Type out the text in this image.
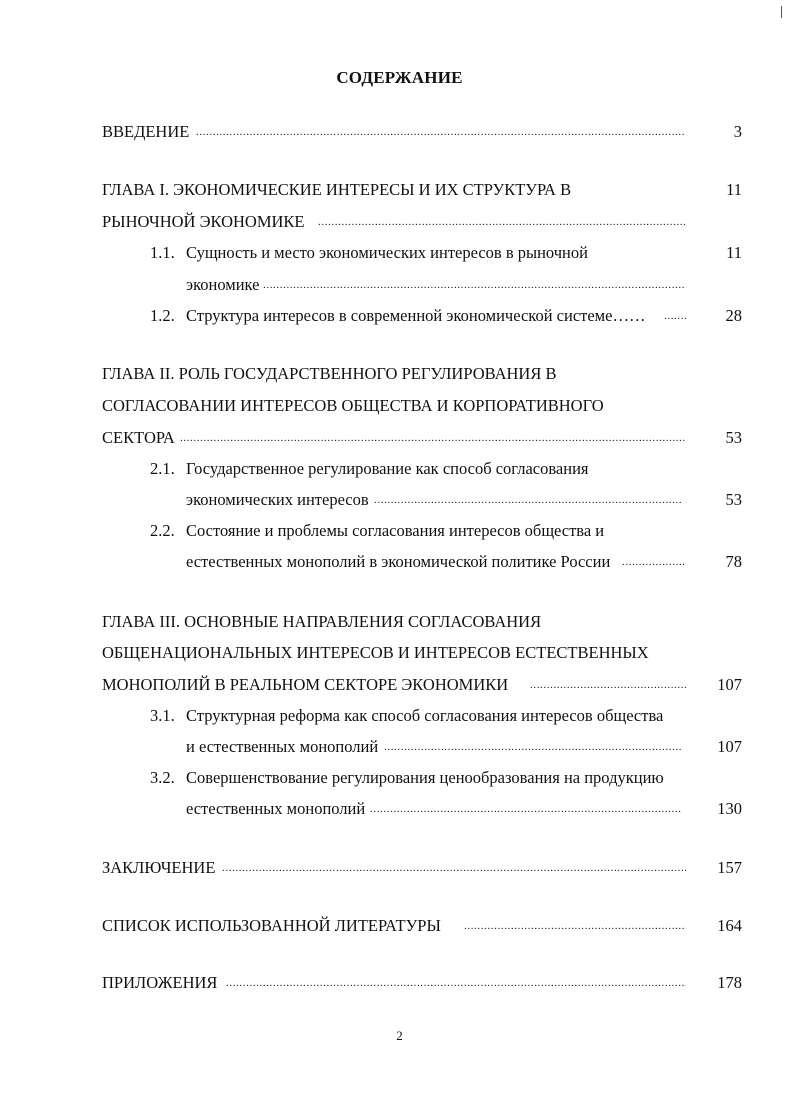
СОДЕРЖАНИЕ
ВВЕДЕНИЕ .....	3
ГЛАВА I. ЭКОНОМИЧЕСКИЕ ИНТЕРЕСЫ И ИХ СТРУКТУРА В	11
РЫНОЧНОЙ ЭКОНОМИКЕ
.....
1.1. Сущность и место экономических интересов в рыночной	11
экономике
.....
1.2. Структура интересов в современной экономической системе…… .....	28
ГЛАВА II. РОЛЬ ГОСУДАРСТВЕННОГО РЕГУЛИРОВАНИЯ В
СОГЛАСОВАНИИ ИНТЕРЕСОВ ОБЩЕСТВА И КОРПОРАТИВНОГО
СЕКТОРА .....	53
2.1. Государственное регулирование как способ согласования
экономических интересов .....	53
2.2. Состояние и проблемы согласования интересов общества и
естественных монополий в экономической политике России .....	78
ГЛАВА III. ОСНОВНЫЕ НАПРАВЛЕНИЯ СОГЛАСОВАНИЯ
ОБЩЕНАЦИОНАЛЬНЫХ ИНТЕРЕСОВ И ИНТЕРЕСОВ ЕСТЕСТВЕННЫХ
МОНОПОЛИЙ В РЕАЛЬНОМ СЕКТОРЕ ЭКОНОМИКИ .....	107
3.1. Структурная реформа как способ согласования интересов общества
и естественных монополий .....	107
3.2. Совершенствование регулирования ценообразования на продукцию
естественных монополий .....	130
ЗАКЛЮЧЕНИЕ .....	157
СПИСОК ИСПОЛЬЗОВАННОЙ ЛИТЕРАТУРЫ .....	164
ПРИЛОЖЕНИЯ .....	178
2
